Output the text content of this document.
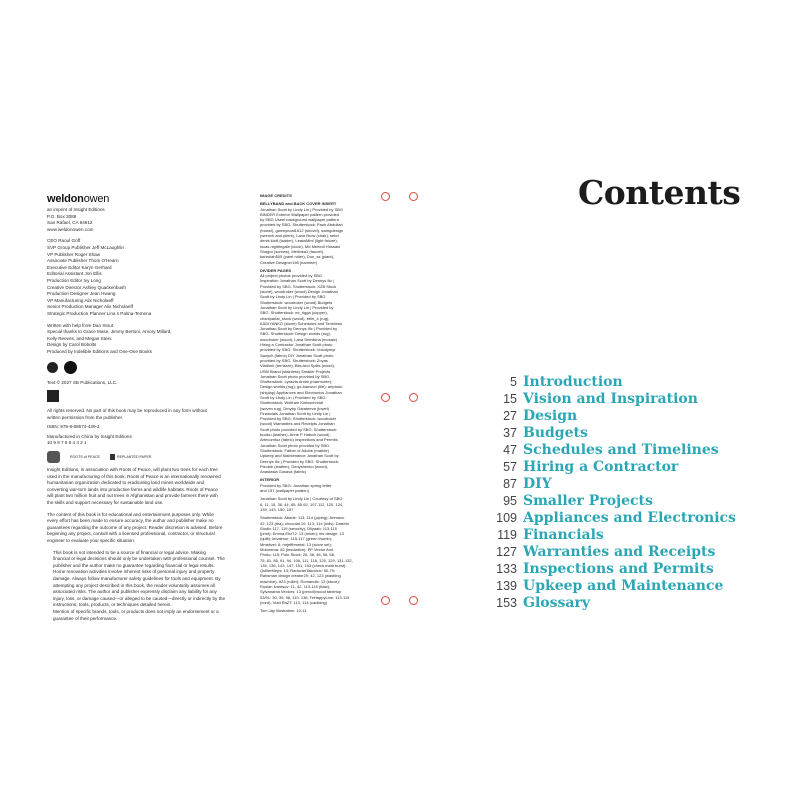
weldonowen

an imprint of Insight Editions

P.O. Box 3088

San Rafael, CA 94912

www.weldonowen.com

CEO Raoul Goff

SVP Group Publisher Jeff McLaughlin

VP Publisher Roger Shaw

Associate Publisher Thom O'Hearn

Executive Editor Karyn Gerhard

Editorial Assistant Jon Ellis

Production Editor Ivy Long

Creative Director Ashley Quackenbush

Production Designer Jean Hwang

VP Manufacturing Alix Nicholaeff

Senior Production Manager Alix Nicholaeff

Strategic Production Planner Lina s Palma-Temena

Written with help from Dan Stout

Special thanks to Grace Mase, Jimmy Bertoni, Amory Millard,

Kelly Reeves, and Megan Stein.

Design by Carol Bobolts

Produced by Indelible Editions and One-One Books

Text © 2027 SB Publications, LLC.

All rights reserved. No part of this book may be reproduced in any form without

written permission from the publisher.

ISBN: 978-8-88674-439-2

Manufactured in China by Insight Editions

10 9 8 7 6 5 4 3 2 1

ROOTS of PEACE	REPLANTED PAPER

Insight Editions, in association with Roots of Peace, will plant two trees for each tree

used in the manufacturing of this book. Roots of Peace is an internationally renowned

humanitarian organization dedicated to eradicating land mines worldwide and

converting war-torn lands into productive farms and wildlife habitats. Roots of Peace

will plant two million fruit and nut trees in Afghanistan and provide farmers there with

the skills and support necessary for sustainable land use.

The content of this book is for educational and entertainment purposes only. While

every effort has been made to ensure accuracy, the author and publisher make no

guarantees regarding the outcome of any project. Reader discretion is advised. Before

beginning any project, consult with a licensed professional, contractor, or structural

engineer to evaluate your specific situation.

This book is not intended to be a source of financial or legal advice. Making

financial or legal decisions should only be undertaken with professional counsel. The

publisher and the author make no guarantee regarding financial or legal results.

Home renovation activities involve inherent risks of personal injury and property

damage. Always follow manufacturer safety guidelines for tools and equipment. By

attempting any project described in this book, the reader voluntarily assumes all

associated risks. The author and publisher expressly disclaim any liability for any

injury, loss, or damage caused—or alleged to be caused—directly or indirectly by the

instructions, tools, products, or techniques detailed herein.

Mention of specific brands, tools, or products does not imply an endorsement or a

guarantee of their performance.

IMAGE CREDITS

BELLYBAND and BACK COVER INSERT

Jonathan Scott by Lindy Lin | Provided by SBG

BINDER Exterior Wallpaper pattern provided

by SBG Useel background wallpaper pattern

provided by SBG. Shutterstock: Pauh Abdullah

(trowel), gwenyncat1612 (shovel), swingdesign

(wrench and pliers), Lana Brow (chair), sebri

denis kizili (ladder), LeaksMint (light fixture),

lucas nightingale (clock), Md Mehedi Hossain

Shagor (screws), Mellinka1 (faucet),

bahrulah505 (paint roller), Don_ss (plant),

Creative Designer198 (hammer)

DIVIDER PAGES

All project photos provided by SBG.

Inspiration Jonathan Scott by Dennys Ilic |

Provided by SBG. Shutterstock: XZB Stock

(stone), woodroker (wood) Design Jonathan

Scott by Lindy Lin | Provided by SBG.

Shutterstock: woodroker (wood) Budgets

Jonathan Scott by Lindy Lin | Provided by

SBG. Shutterstock: mr_tigga (copper),

chanipariat_stock (wood), brlin_4 (rug),

KADIYANKO (stone) Schedules and Timelines

Jonathan Scott by Dennys Ilic | Provided by

SBG. Shutterstock: Design worlds (rug),

woodroker (wood), Lana Semikina (mosaic)

Hiring a Contractor Jonathan Scott photo

provided by SBG. Shutterstock: Volodymyr

Sanych (fabric) DIY Jonathan Scott photo

provided by SBG. Shutterstock: Zoyas

Vladimir (terrazzo), Bits And Splits (wood),

USM Brand (stainless) Smaller Projects

Jonathan Scott photo provided by SBG.

Shutterstock: Lyasvia Andrii (marmoree);

Design worlds (rug); go-baewon (tile); artphoto

(shiplap) Appliances and Electronics Jonathan

Scott by Lindy Lin | Provided by SBG.

Shutterstock: Wolfram Kleinschmidt

(woven rug), Dmytry Garafeeva (towel)

Financials Jonathan Scott by Lindy Lin |

Provided by SBG. Shutterstock: woodroker

(wood) Warranties and Receipts Jonathan

Scott photo provided by SBG. Shutterstock:

buciku (leather), Anne P Hatsch (wood),

Artecomfuz (fabric) Inspections and Permits

Jonathan Scott photo provided by SBG.

Shutterstock: Father of Adobe (marble)

Upkeep and Maintenance Jonathan Scott by

Dennys Ilic | Provided by SBG. Shutterstock:

Pizoble (leather), Denyshenko (wood),

Anastasia Gusava (fabric)

INTERIOR

Provided by SBG: Jonathan spring letter

and 157 (wallpaper pattern)

Jonathan Scott by Lindy Lin | Courtesy of SBG:

6, 11, 15, 36, 44, 65, 85-92, 107-112, 120, 124,

139, 143, 150, 157

Shutterstock: Abadir: 113, 114 (piping); Artmaxu

42, 123 (tea); chocolat 10: 113, 114 (kids); Daishin

Studio 117, 119 (security); Dilyaab: 113-115

(print); Emma Ehz72: 13 (mixer); els design: 13

(quilt); krivalmor: 115-117 (green thumb);

Mmkitvel: 6; mrjeffbmetal: 13 (stove set);

Motorama: 82 (insulation); PP Vector And

Photo: 115; Pukr Stock: 26, 36, 46, 56, 66,

75, 81, 85, 91, 94, 106, 111, 116, 125, 129, 131-132,

135, 136, 143, 147, 151, 153 (check mark burst);

QuillerMeps: 13; RadovanTakmicic: 50-79;

Rahsman design creator29: 42, 123 (washing

machine); tr23 (roller); Romandie: 13 (stove);

Ruslan Ivantsov: 11, 42, 113-115 (ttaw);

Sylvananta Vectors: 13 (pencil)/wood tabletop

53/91: 30, 39, 98, 119, 136; TeHappyLine: 113-115

(cord); Vlad RaZT: 113, 114 (caulking)

Tom Jay Illustration: 10-11

Contents
5 Introduction
15 Vision and Inspiration
27 Design
37 Budgets
47 Schedules and Timelines
57 Hiring a Contractor
87 DIY
95 Smaller Projects
109 Appliances and Electronics
119 Financials
127 Warranties and Receipts
133 Inspections and Permits
139 Upkeep and Maintenance
153 Glossary
